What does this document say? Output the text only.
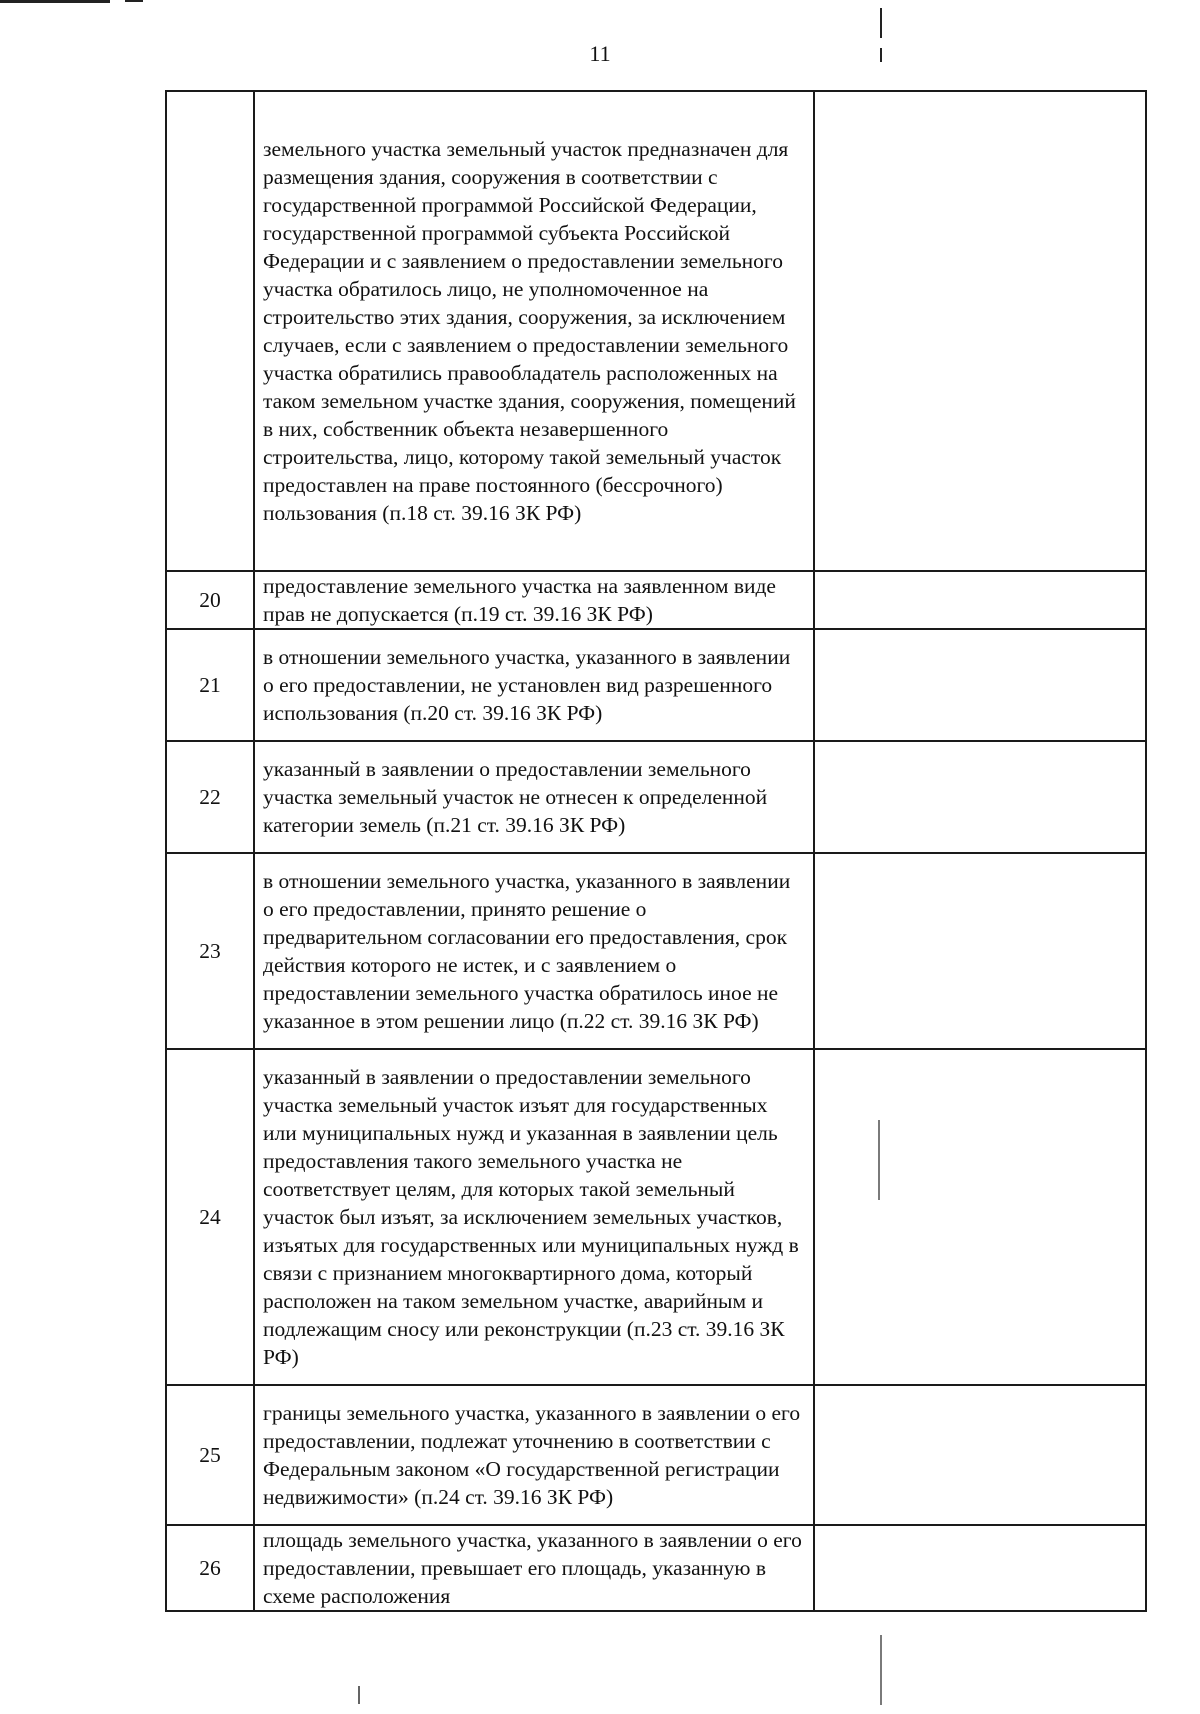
11
	земельного участка земельный участок предназначен для размещения здания, сооружения в соответствии с государственной программой Российской Федерации, государственной программой субъекта Российской Федерации и с заявлением о предоставлении земельного участка обратилось лицо, не уполномоченное на строительство этих здания, сооружения, за исключением случаев, если с заявлением о предоставлении земельного участка обратились правообладатель расположенных на таком земельном участке здания, сооружения, помещений в них, собственник объекта незавершенного строительства, лицо, которому такой земельный участок предоставлен на праве постоянного (бессрочного) пользования (п.18 ст. 39.16 ЗК РФ)	
20	предоставление земельного участка на заявленном виде прав не допускается (п.19 ст. 39.16 ЗК РФ)	
21	в отношении земельного участка, указанного в заявлении о его предоставлении, не установлен вид разрешенного использования (п.20 ст. 39.16 ЗК РФ)	
22	указанный в заявлении о предоставлении земельного участка земельный участок не отнесен к определенной категории земель (п.21 ст. 39.16 ЗК РФ)	
23	в отношении земельного участка, указанного в заявлении о его предоставлении, принято решение о предварительном согласовании его предоставления, срок действия которого не истек, и с заявлением о предоставлении земельного участка обратилось иное не указанное в этом решении лицо (п.22 ст. 39.16 ЗК РФ)	
24	указанный в заявлении о предоставлении земельного участка земельный участок изъят для государственных или муниципальных нужд и указанная в заявлении цель предоставления такого земельного участка не соответствует целям, для которых такой земельный участок был изъят, за исключением земельных участков, изъятых для государственных или муниципальных нужд в связи с признанием многоквартирного дома, который расположен на таком земельном участке, аварийным и подлежащим сносу или реконструкции (п.23 ст. 39.16 ЗК РФ)	
25	границы земельного участка, указанного в заявлении о его предоставлении, подлежат уточнению в соответствии с Федеральным законом «О государственной регистрации недвижимости» (п.24 ст. 39.16 ЗК РФ)	
26	площадь земельного участка, указанного в заявлении о его предоставлении, превышает его площадь, указанную в схеме расположения	
